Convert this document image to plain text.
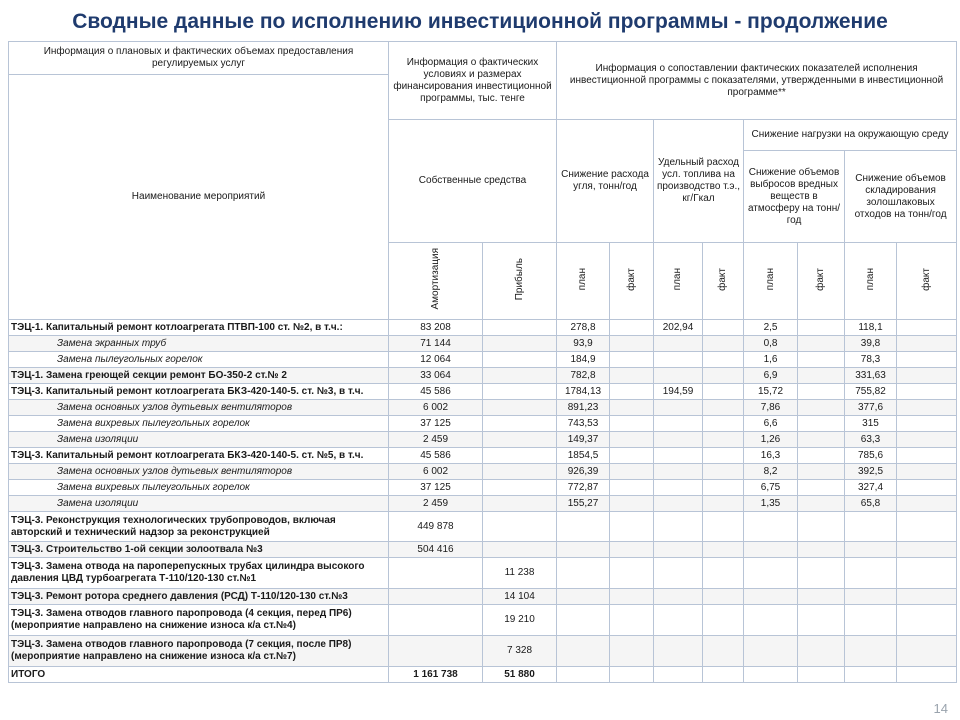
Сводные данные по исполнению инвестиционной программы - продолжение
Информация о плановых и фактических объемах предоставления регулируемых услуг	Информация о фактических условиях и размерах финансирования инвестиционной программы, тыс. тенге		Информация о сопоставлении фактических показателей исполнения инвестиционной программы с показателями, утвержденными в инвестиционной программе**							
Наименование мероприятий										
	Собственные средства		Снижение расхода угля, тонн/год		Удельный расход усл. топлива на производство т.э., кг/Гкал		Снижение нагрузки на окружающую среду			
							Снижение объемов выбросов вредных веществ в атмосферу на тонн/год		Снижение объемов складирования золошлаковых отходов на тонн/год	
	Амортизация	Прибыль	план	факт	план	факт	план	факт	план	факт
ТЭЦ-1. Капитальный ремонт котлоагрегата ПТВП-100 ст. №2, в т.ч.:	83 208		278,8		202,94		2,5		118,1	
Замена экранных труб	71 144		93,9				0,8		39,8	
Замена пылеугольных горелок	12 064		184,9				1,6		78,3	
ТЭЦ-1. Замена греющей секции ремонт БО-350-2 ст.№ 2	33 064		782,8				6,9		331,63	
ТЭЦ-3. Капитальный ремонт котлоагрегата БКЗ-420-140-5. ст. №3, в т.ч.	45 586		1784,13		194,59		15,72		755,82	
Замена основных узлов дутьевых вентиляторов	6 002		891,23				7,86		377,6	
Замена вихревых пылеугольных горелок	37 125		743,53				6,6		315	
Замена изоляции	2 459		149,37				1,26		63,3	
ТЭЦ-3. Капитальный ремонт котлоагрегата БКЗ-420-140-5. ст. №5, в т.ч.	45 586		1854,5				16,3		785,6	
Замена основных узлов дутьевых вентиляторов	6 002		926,39				8,2		392,5	
Замена вихревых пылеугольных горелок	37 125		772,87				6,75		327,4	
Замена изоляции	2 459		155,27				1,35		65,8	
ТЭЦ-3. Реконструкция технологических трубопроводов, включая авторский и технический надзор за реконструкцией	449 878									
ТЭЦ-3. Строительство 1-ой секции золоотвала №3	504 416									
ТЭЦ-3. Замена отвода на пароперепускных трубах цилиндра высокого давления ЦВД турбоагрегата Т-110/120-130 ст.№1		11 238								
ТЭЦ-3. Ремонт ротора среднего давления (РСД) Т-110/120-130 ст.№3		14 104								
ТЭЦ-3. Замена отводов главного паропровода (4 секция, перед ПР6) (мероприятие направлено на снижение износа к/а ст.№4)		19 210								
ТЭЦ-3. Замена отводов главного паропровода (7 секция, после ПР8) (мероприятие направлено на снижение износа к/а ст.№7)		7 328								
ИТОГО	1 161 738	51 880								
14
